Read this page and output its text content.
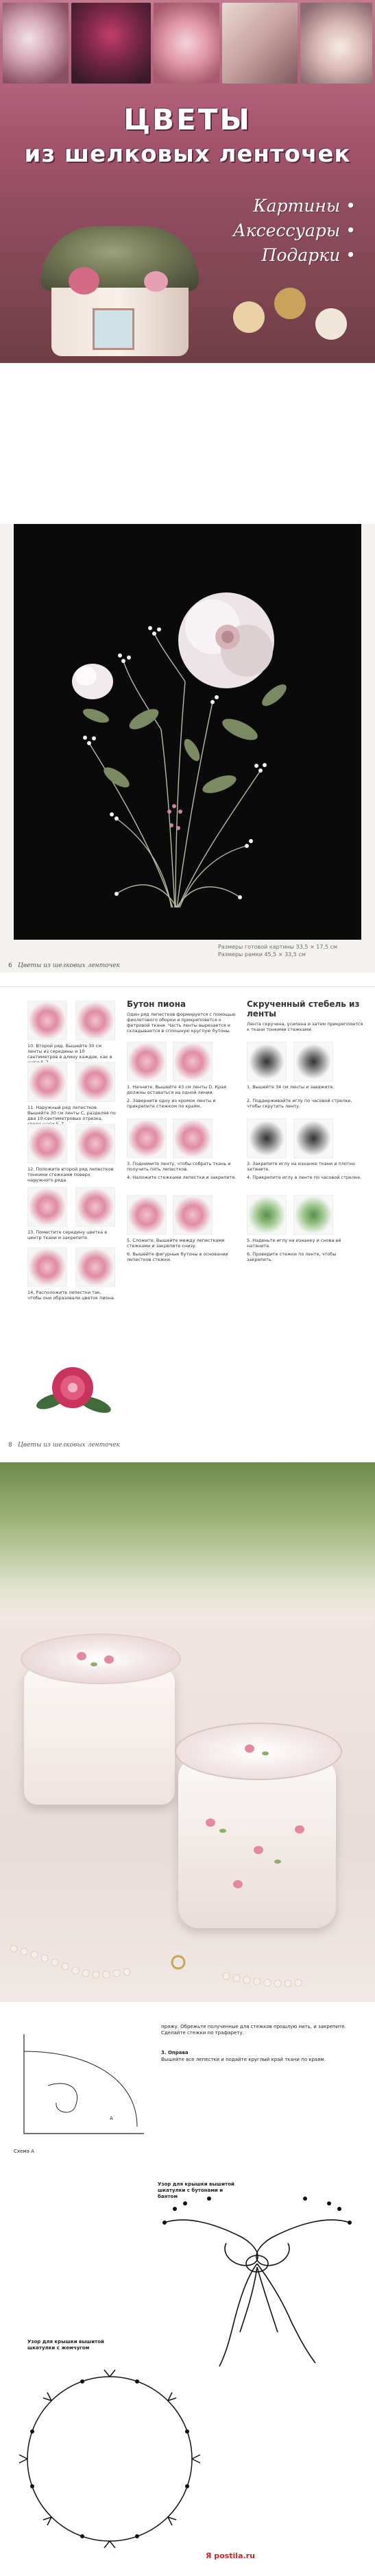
ЦВЕТЫ
из шелковых ленточек
Картины •
Аксессуары •
Подарки •
Размеры готовой картины 33,5 × 17,5 см
Размеры рамки 45,5 × 33,5 см
6 Цветы из шелковых ленточек
10. Второй ряд. Вышейте 30 см ленты из середины и 10 сантиметров в длину каждое, как в
11. Наружный ряд лепестков. Вышейте 30 см ленты С, разделяя по два 10-сантиметровых отрезка,
12. Положите второй ряд лепестков тонкими стежками поверх наружного ряда.
13. Поместите середину цветка в центр ткани и закрепите.
14. Расположите лепестки так, чтобы они образовали цветок пиона.
Бутон пиона
Один ряд лепестков формируется с помощью фиолетового оборки и прикрепляется к фетровой ткани. Часть ленты вырезается и складывается в сплошную круглую бутоны.
1. Начните. Вышейте 43 см ленты D. Края должны оставаться на одной линии.
2. Заверните одну из кромок ленты и прикрепите стежком по краям.
3. Поднимите ленту, чтобы собрать ткань и получить пять лепестков.
4. Наложите стежками лепестки и закрепите.
5. Сложите. Вышейте между лепестками стежками и закрепите снизу.
6. Вышейте фигурные бутоны в основании лепестков стежки.
Скрученный стебель из ленты
Лента скручена, усилена и затем прикрепляется к ткани тонкими стежками.
1. Вышейте 34 см ленты и завяжите.
2. Поддерживайте иглу по часовой стрелке, чтобы скрутить ленту.
3. Закрепите иглу на изнанке ткани и плотно затяните.
4. Прикрепите иглу в ленте по часовой стрелке.
5. Наденьте иглу на изнанку и снова её натяните.
6. Проведите стежки по ленте, чтобы закрепить.
8 Цветы из шелковых ленточек
пряжу. Обрежьте полученные для стежков прошлую нить, и закрепите. Сделайте стежки по трафарету.
3. Оправа
Вышейте все лепестки и подайте круглый край ткани по краям.
A
Схема А
Узор для крышки вышитой шкатулки с бутонами и бантом
Узор для крышки вышитой шкатулки с жемчугом
Я postila.ru
